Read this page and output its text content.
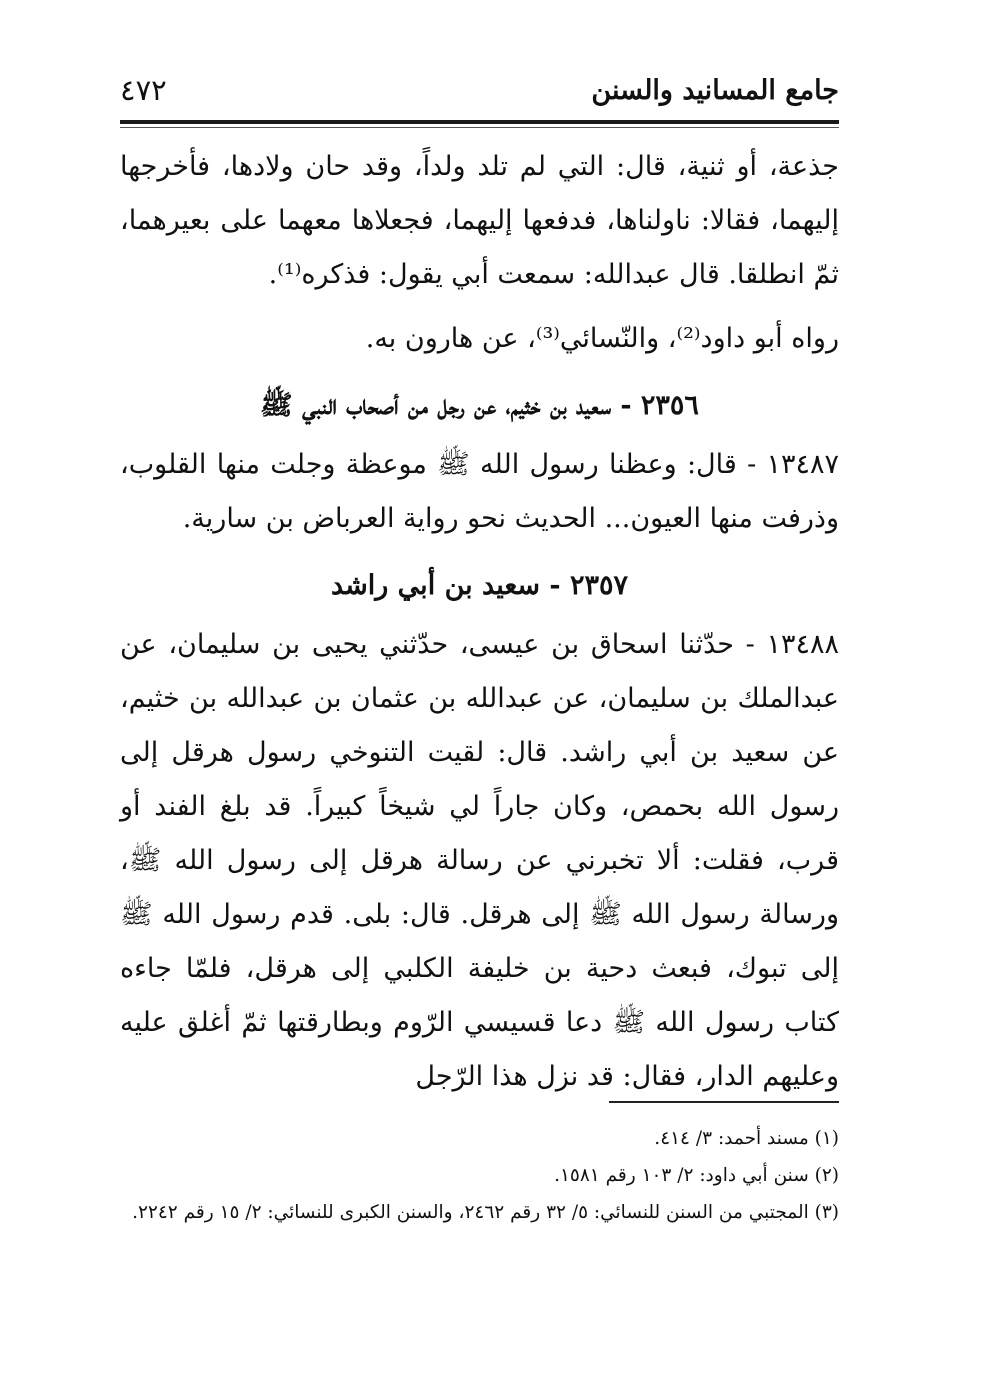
جامع المسانيد والسنن
٤٧٢

جذعة، أو ثنية، قال: التي لم تلد ولداً، وقد حان ولادها، فأخرجها إليهما، فقالا: ناولناها، فدفعها إليهما، فجعلاها معهما على بعيرهما، ثمّ انطلقا. قال عبدالله: سمعت أبي يقول: فذكره⁽¹⁾.

رواه أبو داود⁽²⁾، والنّسائي⁽³⁾، عن هارون به.

٢٣٥٦ - سعيد بن خثيم، عن رجل من أصحاب النبي ﷺ

١٣٤٨٧ - قال: وعظنا رسول الله ﷺ موعظة وجلت منها القلوب، وذرفت منها العيون... الحديث نحو رواية العرباض بن سارية.

٢٣٥٧ - سعيد بن أبي راشد

١٣٤٨٨ - حدّثنا اسحاق بن عيسى، حدّثني يحيى بن سليمان، عن عبدالملك بن سليمان، عن عبدالله بن عثمان بن عبدالله بن خثيم، عن سعيد بن أبي راشد. قال: لقيت التنوخي رسول هرقل إلى رسول الله بحمص، وكان جاراً لي شيخاً كبيراً. قد بلغ الفند أو قرب، فقلت: ألا تخبرني عن رسالة هرقل إلى رسول الله ﷺ، ورسالة رسول الله ﷺ إلى هرقل. قال: بلى. قدم رسول الله ﷺ إلى تبوك، فبعث دحية بن خليفة الكلبي إلى هرقل، فلمّا جاءه كتاب رسول الله ﷺ دعا قسيسي الرّوم وبطارقتها ثمّ أغلق عليه وعليهم الدار، فقال: قد نزل هذا الرّجل

(١) مسند أحمد: ٣/ ٤١٤.

(٢) سنن أبي داود: ٢/ ١٠٣ رقم ١٥٨١.

(٣) المجتبي من السنن للنسائي: ٥/ ٣٢ رقم ٢٤٦٢، والسنن الكبرى للنسائي: ٢/ ١٥ رقم ٢٢٤٢.
